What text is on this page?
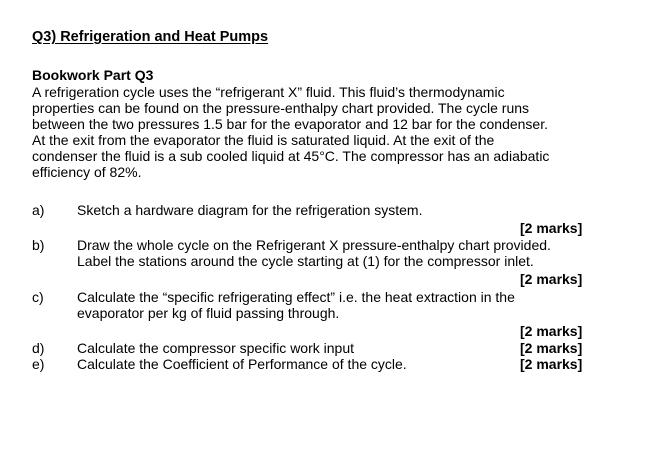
Q3) Refrigeration and Heat Pumps
Bookwork Part Q3
A refrigeration cycle uses the “refrigerant X” fluid. This fluid’s thermodynamic
properties can be found on the pressure-enthalpy chart provided. The cycle runs
between the two pressures 1.5 bar for the evaporator and 12 bar for the condenser.
At the exit from the evaporator the fluid is saturated liquid. At the exit of the
condenser the fluid is a sub cooled liquid at 45°C. The compressor has an adiabatic
efficiency of 82%.
a) Sketch a hardware diagram for the refrigeration system.
[2 marks]
b) Draw the whole cycle on the Refrigerant X pressure-enthalpy chart provided.
Label the stations around the cycle starting at (1) for the compressor inlet.
[2 marks]
c) Calculate the “specific refrigerating effect” i.e. the heat extraction in the
evaporator per kg of fluid passing through.
[2 marks]
d) Calculate the compressor specific work input	[2 marks]
e) Calculate the Coefficient of Performance of the cycle.	[2 marks]
